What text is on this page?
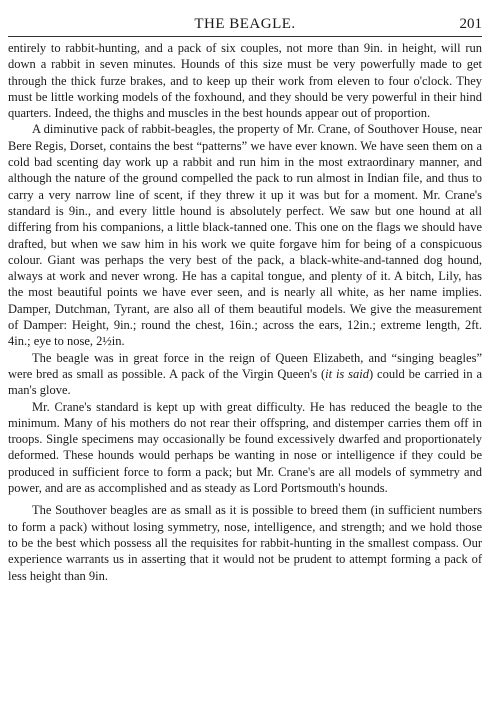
THE BEAGLE.	201

entirely to rabbit-hunting, and a pack of six couples, not more than 9in. in height, will run down a rabbit in seven minutes. Hounds of this size must be very powerfully made to get through the thick furze brakes, and to keep up their work from eleven to four o'clock. They must be little working models of the foxhound, and they should be very powerful in their hind quarters. Indeed, the thighs and muscles in the best hounds appear out of proportion.

A diminutive pack of rabbit-beagles, the property of Mr. Crane, of Southover House, near Bere Regis, Dorset, contains the best “patterns” we have ever known. We have seen them on a cold bad scenting day work up a rabbit and run him in the most extraordinary manner, and although the nature of the ground compelled the pack to run almost in Indian file, and thus to carry a very narrow line of scent, if they threw it up it was but for a moment. Mr. Crane's standard is 9in., and every little hound is absolutely perfect. We saw but one hound at all differing from his companions, a little black-tanned one. This one on the flags we should have drafted, but when we saw him in his work we quite forgave him for being of a conspicuous colour. Giant was perhaps the very best of the pack, a black-white-and-tanned dog hound, always at work and never wrong. He has a capital tongue, and plenty of it. A bitch, Lily, has the most beautiful points we have ever seen, and is nearly all white, as her name implies. Damper, Dutchman, Tyrant, are also all of them beautiful models. We give the measurement of Damper: Height, 9in.; round the chest, 16in.; across the ears, 12in.; extreme length, 2ft. 4in.; eye to nose, 2½in.

The beagle was in great force in the reign of Queen Elizabeth, and “singing beagles” were bred as small as possible. A pack of the Virgin Queen's (it is said) could be carried in a man's glove.

Mr. Crane's standard is kept up with great difficulty. He has reduced the beagle to the minimum. Many of his mothers do not rear their offspring, and distemper carries them off in troops. Single specimens may occasionally be found excessively dwarfed and proportionately deformed. These hounds would perhaps be wanting in nose or intelligence if they could be produced in sufficient force to form a pack; but Mr. Crane's are all models of symmetry and power, and are as accomplished and as steady as Lord Portsmouth's hounds.

The Southover beagles are as small as it is possible to breed them (in sufficient numbers to form a pack) without losing symmetry, nose, intelligence, and strength; and we hold those to be the best which possess all the requisites for rabbit-hunting in the smallest compass. Our experience warrants us in asserting that it would not be prudent to attempt forming a pack of less height than 9in.
